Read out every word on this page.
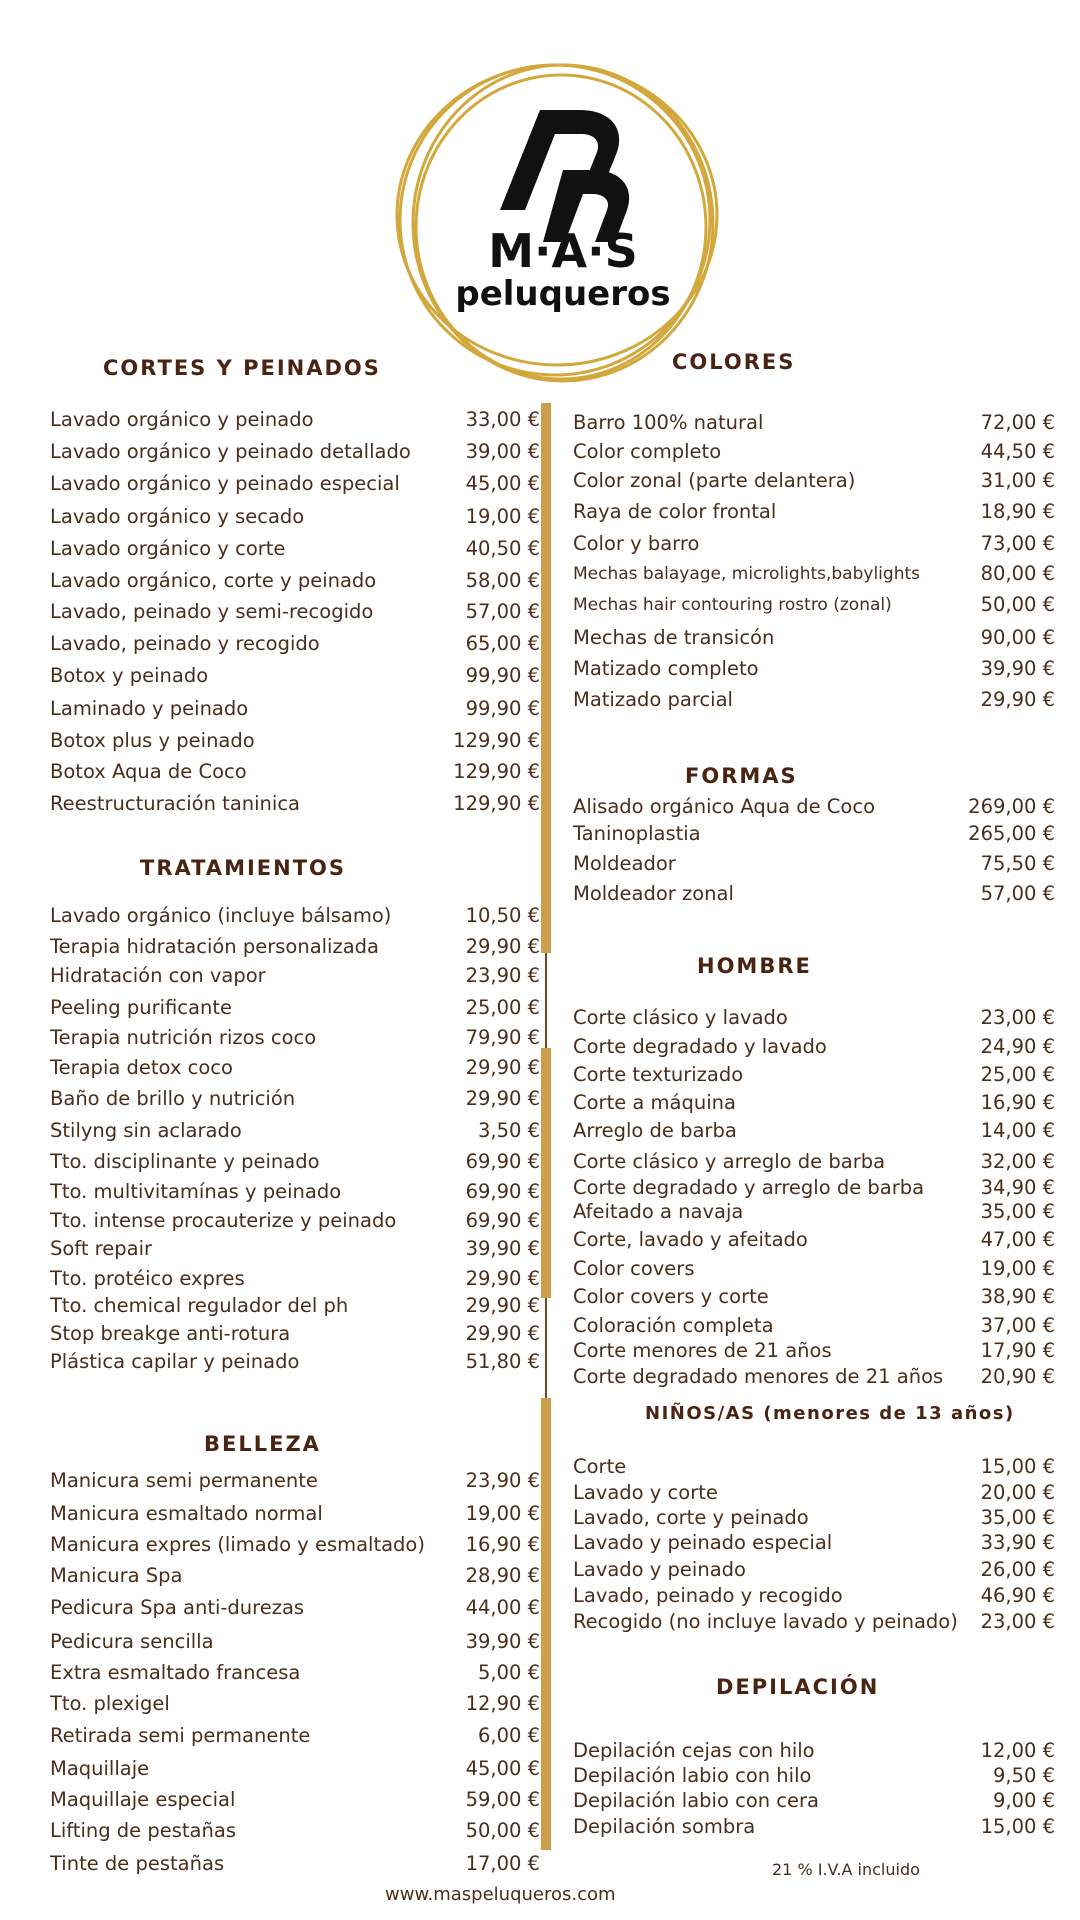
M·A·S
peluqueros
CORTES Y PEINADOS
TRATAMIENTOS
BELLEZA
COLORES
FORMAS
HOMBRE
NIÑOS/AS (menores de 13 años)
DEPILACIÓN
Lavado orgánico y peinado	33,00 €
Lavado orgánico y peinado detallado	39,00 €
Lavado orgánico y peinado especial	45,00 €
Lavado orgánico y secado	19,00 €
Lavado orgánico y corte	40,50 €
Lavado orgánico, corte y peinado	58,00 €
Lavado, peinado y semi-recogido	57,00 €
Lavado, peinado y recogido	65,00 €
Botox y peinado	99,90 €
Laminado y peinado	99,90 €
Botox plus y peinado	129,90 €
Botox Aqua de Coco	129,90 €
Reestructuración taninica	129,90 €
Lavado orgánico (incluye bálsamo)	10,50 €
Terapia hidratación personalizada	29,90 €
Hidratación con vapor	23,90 €
Peeling purificante	25,00 €
Terapia nutrición rizos coco	79,90 €
Terapia detox coco	29,90 €
Baño de brillo y nutrición	29,90 €
Stilyng sin aclarado	3,50 €
Tto. disciplinante y peinado	69,90 €
Tto. multivitamínas y peinado	69,90 €
Tto. intense procauterize y peinado	69,90 €
Soft repair	39,90 €
Tto. protéico expres	29,90 €
Tto. chemical regulador del ph	29,90 €
Stop breakge anti-rotura	29,90 €
Plástica capilar y peinado	51,80 €
Manicura semi permanente	23,90 €
Manicura esmaltado normal	19,00 €
Manicura expres (limado y esmaltado) 16,90 €
Manicura Spa	28,90 €
Pedicura Spa anti-durezas	44,00 €
Pedicura sencilla	39,90 €
Extra esmaltado francesa	5,00 €
Tto. plexigel	12,90 €
Retirada semi permanente	6,00 €
Maquillaje	45,00 €
Maquillaje especial	59,00 €
Lifting de pestañas	50,00 €
Tinte de pestañas	17,00 €
Barro 100% natural	72,00 €
Color completo	44,50 €
Color zonal (parte delantera)	31,00 €
Raya de color frontal	18,90 €
Color y barro	73,00 €
Mechas balayage, microlights,babylights	80,00 €
Mechas hair contouring rostro (zonal)	50,00 €
Mechas de transicón	90,00 €
Matizado completo	39,90 €
Matizado parcial	29,90 €
Alisado orgánico Aqua de Coco	269,00 €
Taninoplastia	265,00 €
Moldeador	75,50 €
Moldeador zonal	57,00 €
Corte clásico y lavado	23,00 €
Corte degradado y lavado	24,90 €
Corte texturizado	25,00 €
Corte a máquina	16,90 €
Arreglo de barba	14,00 €
Corte clásico y arreglo de barba	32,00 €
Corte degradado y arreglo de barba	34,90 €
Afeitado a navaja	35,00 €
Corte, lavado y afeitado	47,00 €
Color covers	19,00 €
Color covers y corte	38,90 €
Coloración completa	37,00 €
Corte menores de 21 años	17,90 €
Corte degradado menores de 21 años 20,90 €
Corte	15,00 €
Lavado y corte	20,00 €
Lavado, corte y peinado	35,00 €
Lavado y peinado especial	33,90 €
Lavado y peinado	26,00 €
Lavado, peinado y recogido	46,90 €
Recogido (no incluye lavado y peinado) 23,00 €
Depilación cejas con hilo	12,00 €
Depilación labio con hilo	9,50 €
Depilación labio con cera	9,00 €
Depilación sombra	15,00 €
21 % I.V.A incluido
www.maspeluqueros.com
